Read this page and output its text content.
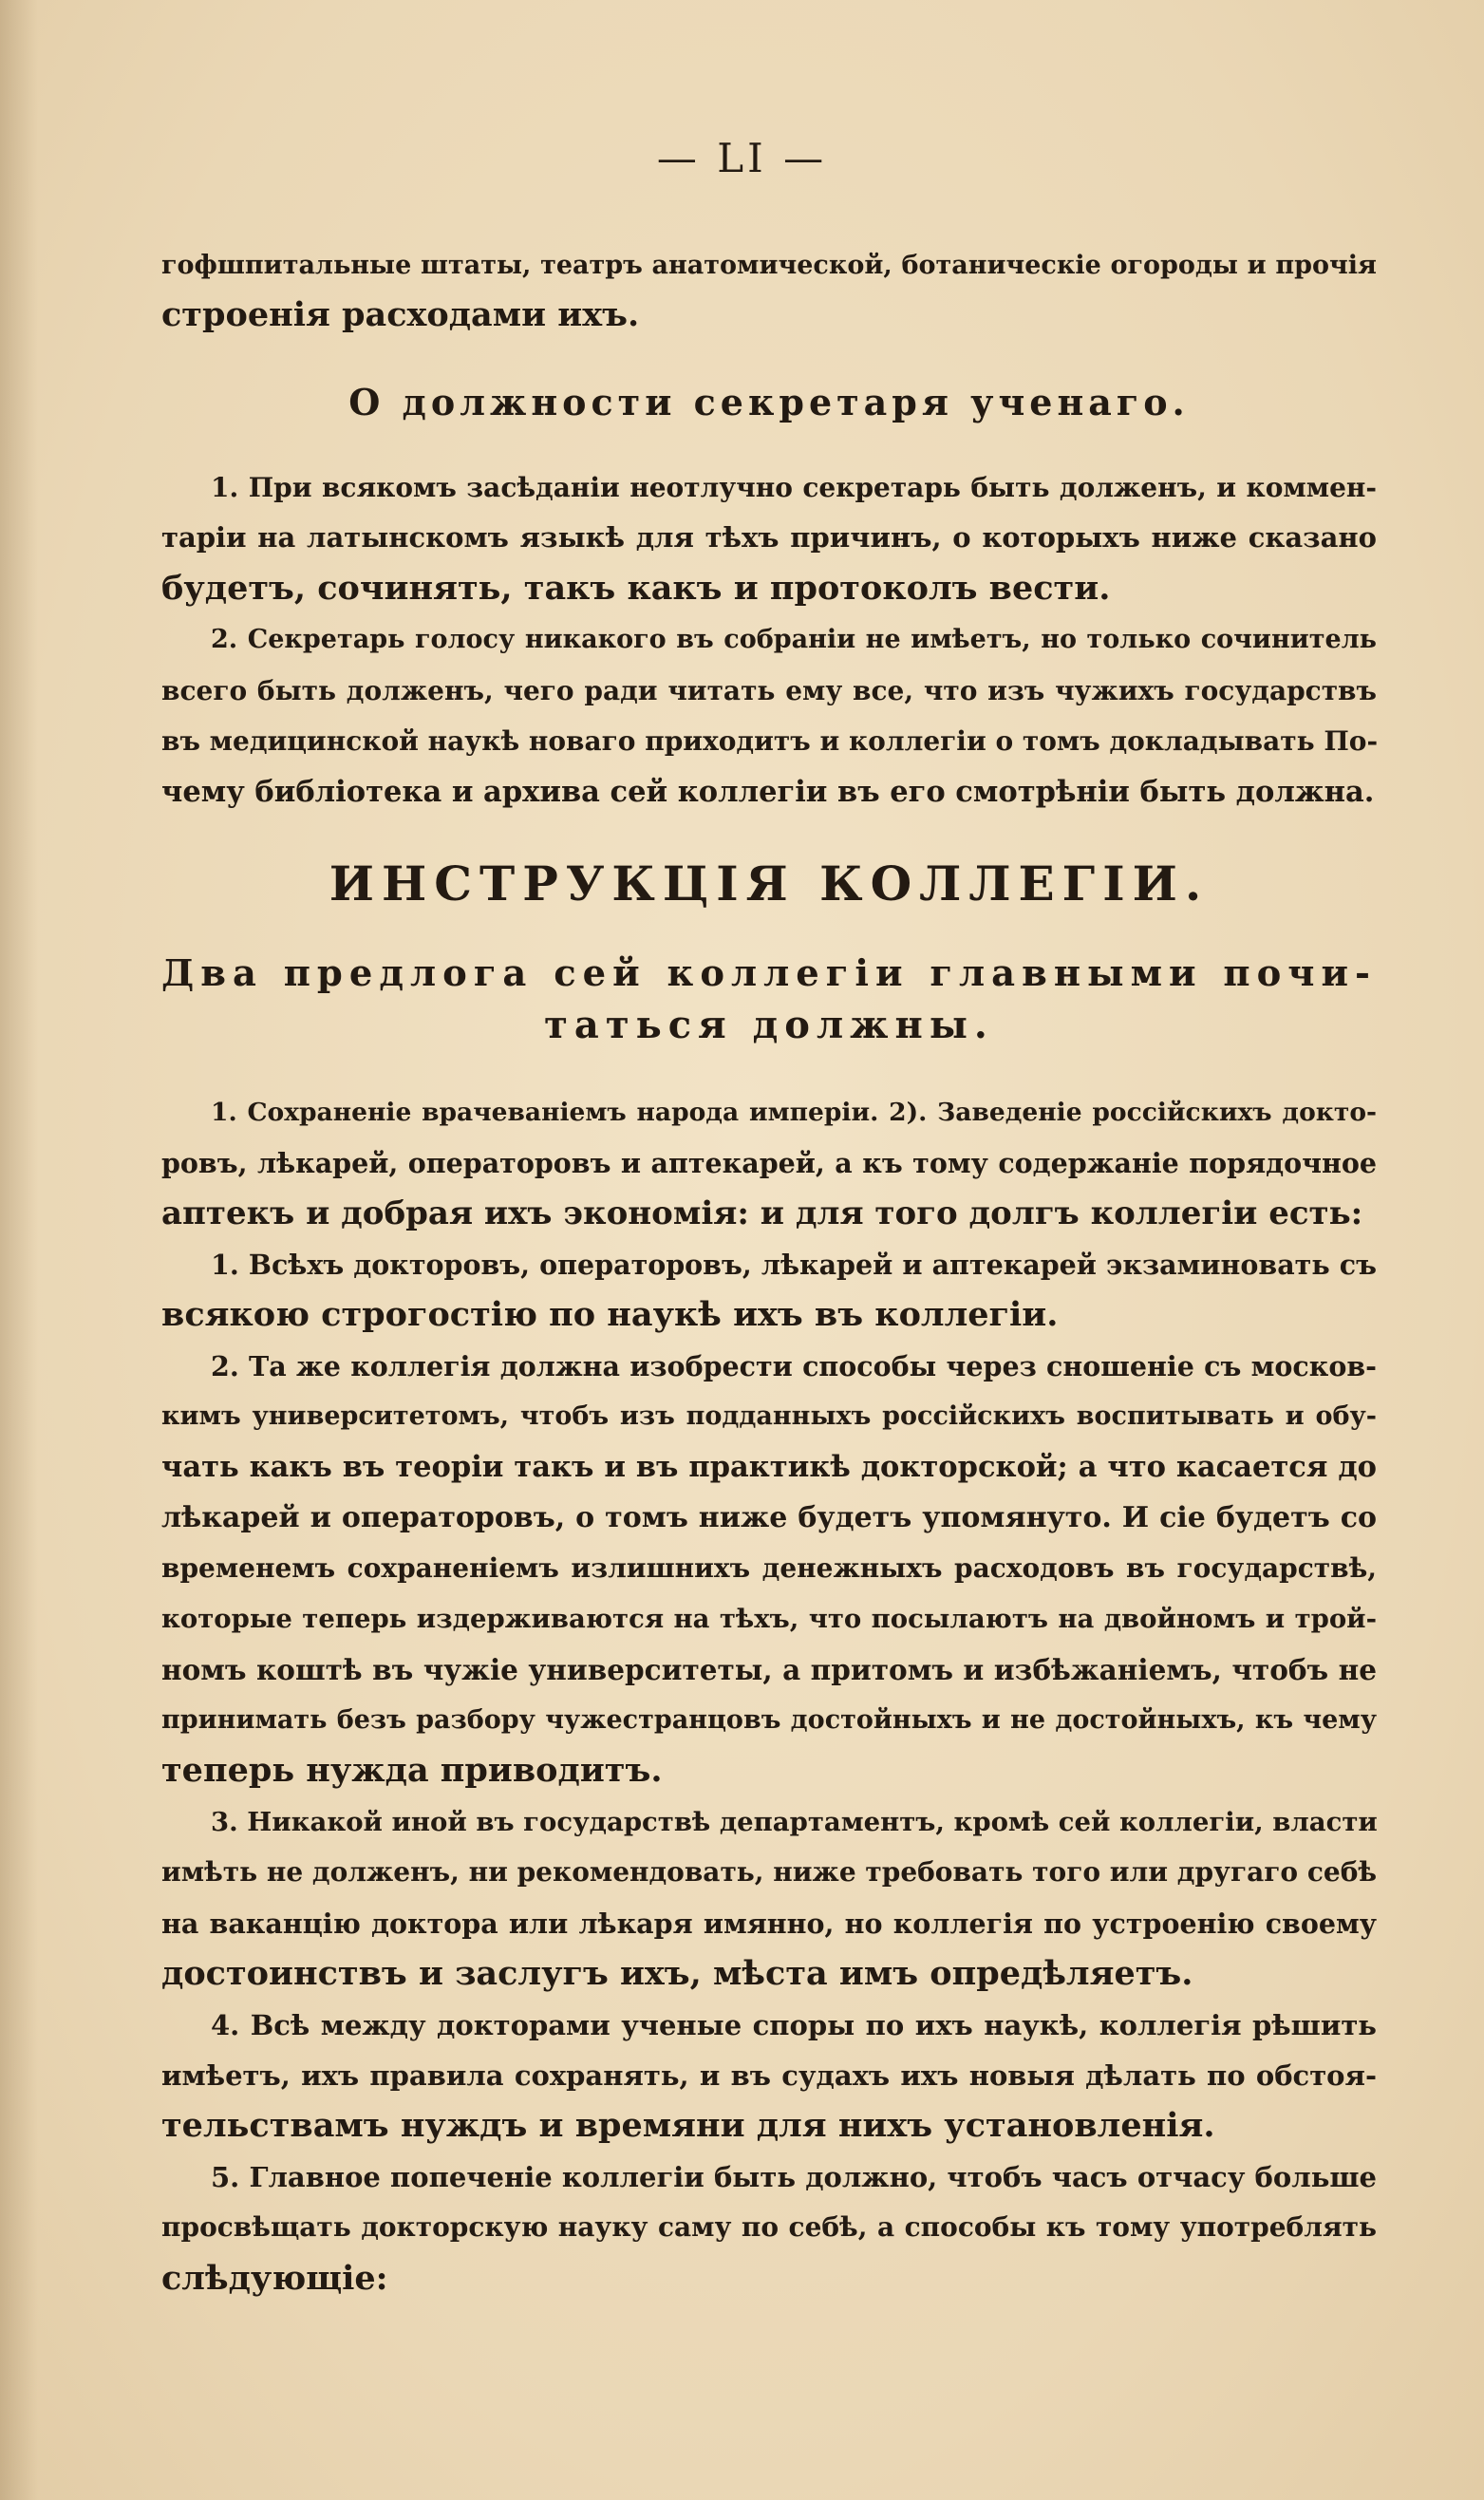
— LI —
гофшпитальные штаты, театръ анатомической, ботаническіе огороды и прочія
строенія расходами ихъ.
О должности секретаря ученаго.
1. При всякомъ засѣданіи неотлучно секретарь быть долженъ, и коммен-
таріи на латынскомъ языкѣ для тѣхъ причинъ, о которыхъ ниже сказано
будетъ, сочинять, такъ какъ и протоколъ вести.
2. Секретарь голосу никакого въ собраніи не имѣетъ, но только сочинитель
всего быть долженъ, чего ради читать ему все, что изъ чужихъ государствъ
въ медицинской наукѣ новаго приходитъ и коллегіи о томъ докладывать По-
чему библіотека и архива сей коллегіи въ его смотрѣніи быть должна.
ИНСТРУКЦІЯ КОЛЛЕГІИ.
Два предлога сей коллегіи главными почи-
таться должны.
1. Сохраненіе врачеваніемъ народа имперіи. 2). Заведеніе россійскихъ докто-
ровъ, лѣкарей, операторовъ и аптекарей, а къ тому содержаніе порядочное
аптекъ и добрая ихъ экономія: и для того долгъ коллегіи есть:
1. Всѣхъ докторовъ, операторовъ, лѣкарей и аптекарей экзаминовать съ
всякою строгостію по наукѣ ихъ въ коллегіи.
2. Та же коллегія должна изобрести способы через сношеніе съ москов-
кимъ университетомъ, чтобъ изъ подданныхъ россійскихъ воспитывать и обу-
чать какъ въ теоріи такъ и въ практикѣ докторской; а что касается до
лѣкарей и операторовъ, о томъ ниже будетъ упомянуто. И сіе будетъ со
временемъ сохраненіемъ излишнихъ денежныхъ расходовъ въ государствѣ,
которые теперь издерживаются на тѣхъ, что посылаютъ на двойномъ и трой-
номъ коштѣ въ чужіе университеты, а притомъ и избѣжаніемъ, чтобъ не
принимать безъ разбору чужестранцовъ достойныхъ и не достойныхъ, къ чему
теперь нужда приводитъ.
3. Никакой иной въ государствѣ департаментъ, кромѣ сей коллегіи, власти
имѣть не долженъ, ни рекомендовать, ниже требовать того или другаго себѣ
на ваканцію доктора или лѣкаря имянно, но коллегія по устроенію своему
достоинствъ и заслугъ ихъ, мѣста имъ опредѣляетъ.
4. Всѣ между докторами ученые споры по ихъ наукѣ, коллегія рѣшить
имѣетъ, ихъ правила сохранять, и въ судахъ ихъ новыя дѣлать по обстоя-
тельствамъ нуждъ и времяни для нихъ установленія.
5. Главное попеченіе коллегіи быть должно, чтобъ часъ отчасу больше
просвѣщать докторскую науку саму по себѣ, а способы къ тому употреблять
слѣдующіе:
